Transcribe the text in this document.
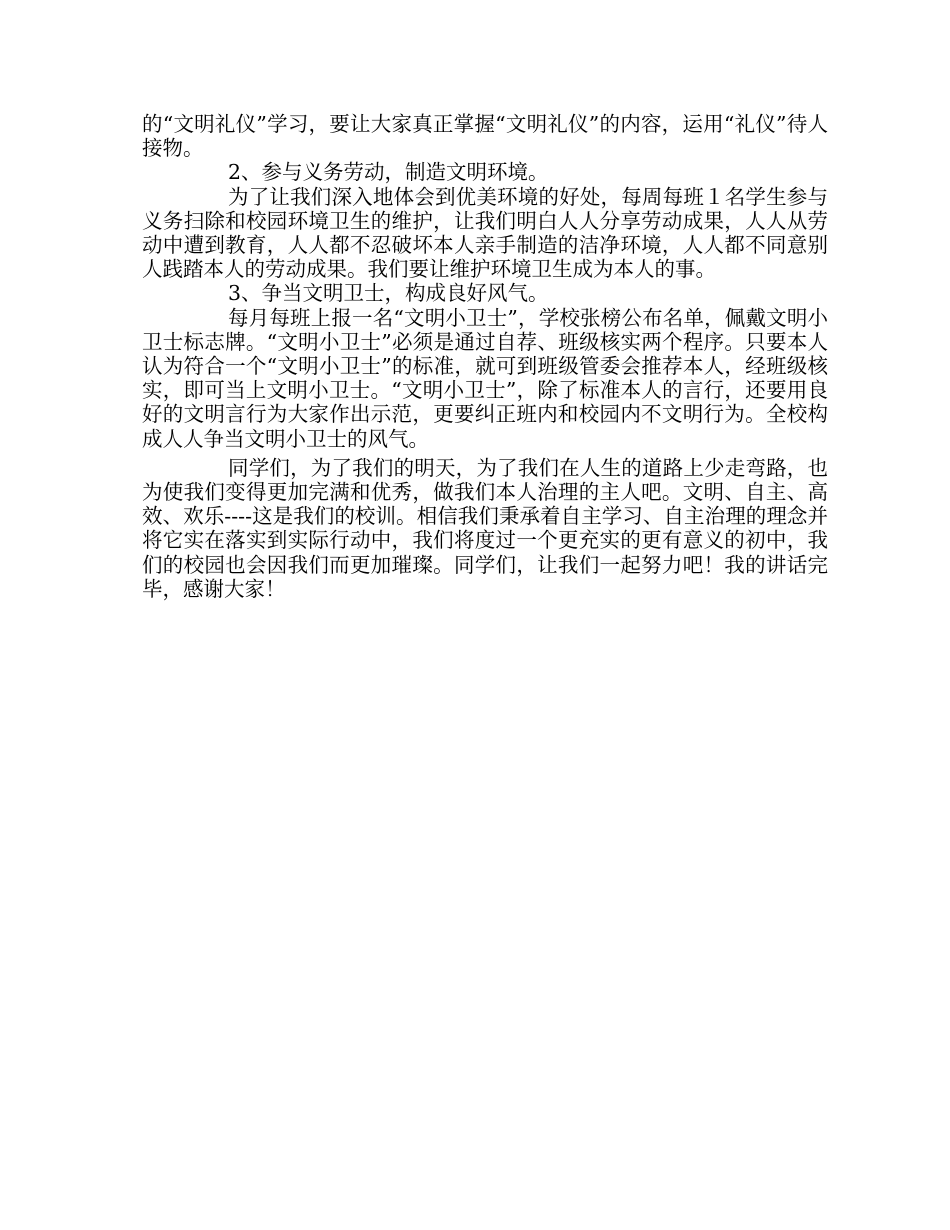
的“文明礼仪”学习，要让大家真正掌握“文明礼仪”的内容，运用“礼仪”待人接物。

2、参与义务劳动，制造文明环境。

为了让我们深入地体会到优美环境的好处，每周每班１名学生参与义务扫除和校园环境卫生的维护，让我们明白人人分享劳动成果，人人从劳动中遭到教育，人人都不忍破坏本人亲手制造的洁净环境，人人都不同意别人践踏本人的劳动成果。我们要让维护环境卫生成为本人的事。

3、争当文明卫士，构成良好风气。

每月每班上报一名“文明小卫士”，学校张榜公布名单，佩戴文明小卫士标志牌。“文明小卫士”必须是通过自荐、班级核实两个程序。只要本人认为符合一个“文明小卫士”的标准，就可到班级管委会推荐本人，经班级核实，即可当上文明小卫士。“文明小卫士”，除了标准本人的言行，还要用良好的文明言行为大家作出示范，更要纠正班内和校园内不文明行为。全校构成人人争当文明小卫士的风气。

同学们，为了我们的明天，为了我们在人生的道路上少走弯路，也为使我们变得更加完满和优秀，做我们本人治理的主人吧。文明、自主、高效、欢乐----这是我们的校训。相信我们秉承着自主学习、自主治理的理念并将它实在落实到实际行动中，我们将度过一个更充实的更有意义的初中，我们的校园也会因我们而更加璀璨。同学们，让我们一起努力吧！我的讲话完毕，感谢大家！
